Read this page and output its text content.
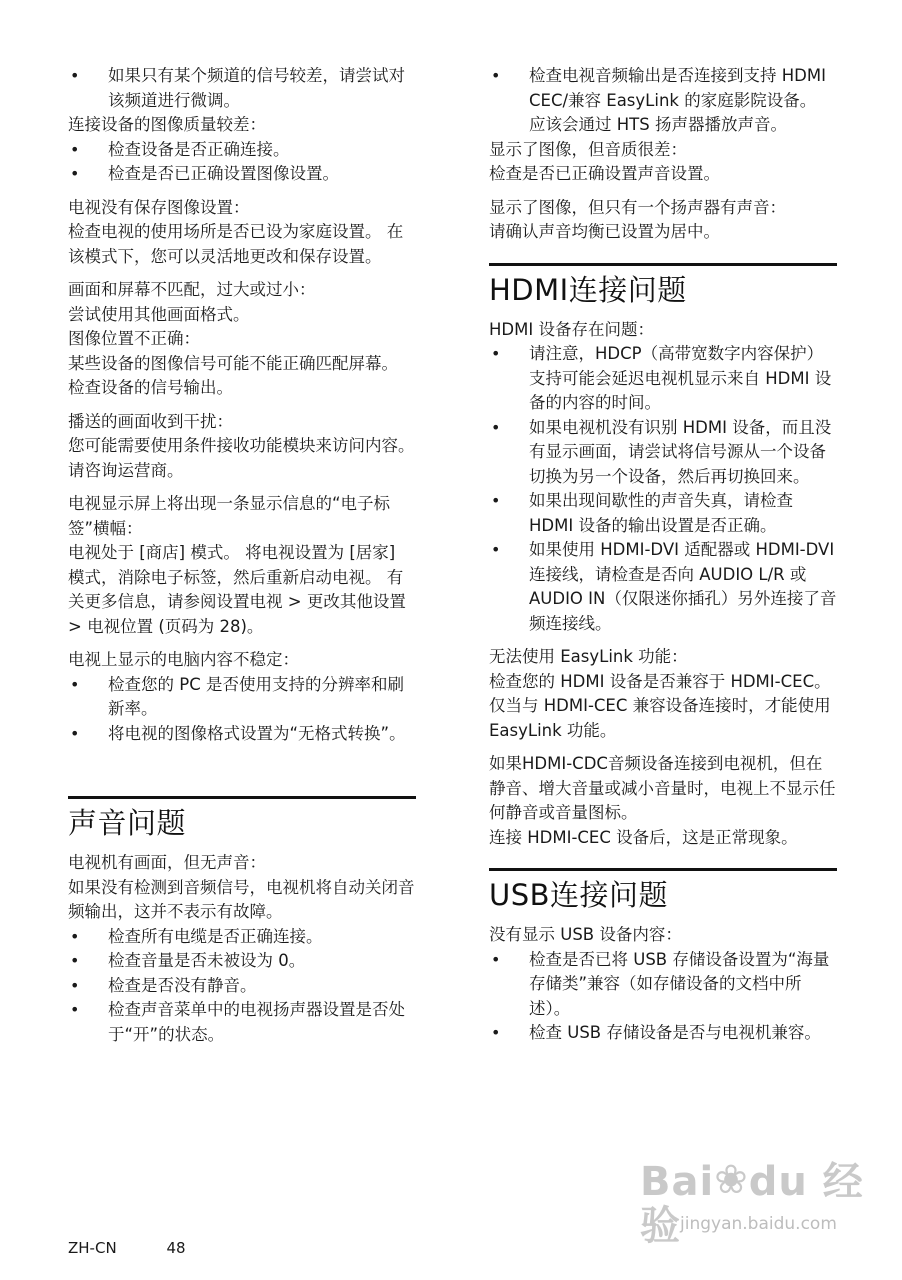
• 如果只有某个频道的信号较差，请尝试对该频道进行微调。

连接设备的图像质量较差：

• 检查设备是否正确连接。
• 检查是否已正确设置图像设置。

电视没有保存图像设置：

检查电视的使用场所是否已设为家庭设置。 在该模式下，您可以灵活地更改和保存设置。

画面和屏幕不匹配，过大或过小：

尝试使用其他画面格式。

图像位置不正确：

某些设备的图像信号可能不能正确匹配屏幕。 检查设备的信号输出。

播送的画面收到干扰：

您可能需要使用条件接收功能模块来访问内容。 请咨询运营商。

电视显示屏上将出现一条显示信息的“电子标签”横幅：

电视处于 [商店] 模式。 将电视设置为 [居家] 模式，消除电子标签，然后重新启动电视。 有关更多信息，请参阅设置电视 > 更改其他设置 > 电视位置 (页码为 28)。

电视上显示的电脑内容不稳定：

• 检查您的 PC 是否使用支持的分辨率和刷新率。
• 将电视的图像格式设置为“无格式转换”。
声音问题

电视机有画面，但无声音：

如果没有检测到音频信号，电视机将自动关闭音频输出，这并不表示有故障。

• 检查所有电缆是否正确连接。
• 检查音量是否未被设为 0。
• 检查是否没有静音。
• 检查声音菜单中的电视扬声器设置是否处于“开”的状态。
• 检查电视音频输出是否连接到支持 HDMI CEC/兼容 EasyLink 的家庭影院设备。 应该会通过 HTS 扬声器播放声音。

显示了图像，但音质很差：

检查是否已正确设置声音设置。

显示了图像，但只有一个扬声器有声音：

请确认声音均衡已设置为居中。

HDMI连接问题

HDMI 设备存在问题：

• 请注意，HDCP（高带宽数字内容保护）支持可能会延迟电视机显示来自 HDMI 设备的内容的时间。
• 如果电视机没有识别 HDMI 设备，而且没有显示画面，请尝试将信号源从一个设备切换为另一个设备，然后再切换回来。
• 如果出现间歇性的声音失真，请检查 HDMI 设备的输出设置是否正确。
• 如果使用 HDMI-DVI 适配器或 HDMI-DVI 连接线，请检查是否向 AUDIO L/R 或 AUDIO IN（仅限迷你插孔）另外连接了音频连接线。

无法使用 EasyLink 功能：

检查您的 HDMI 设备是否兼容于 HDMI-CEC。 仅当与 HDMI-CEC 兼容设备连接时，才能使用 EasyLink 功能。

如果HDMI-CDC音频设备连接到电视机，但在静音、增大音量或减小音量时，电视上不显示任何静音或音量图标。

连接 HDMI-CEC 设备后，这是正常现象。

USB连接问题

没有显示 USB 设备内容：

• 检查是否已将 USB 存储设备设置为“海量存储类”兼容（如存储设备的文档中所述）。
• 检查 USB 存储设备是否与电视机兼容。
ZH-CN	48
Bai❀du 经验 jingyan.baidu.com
